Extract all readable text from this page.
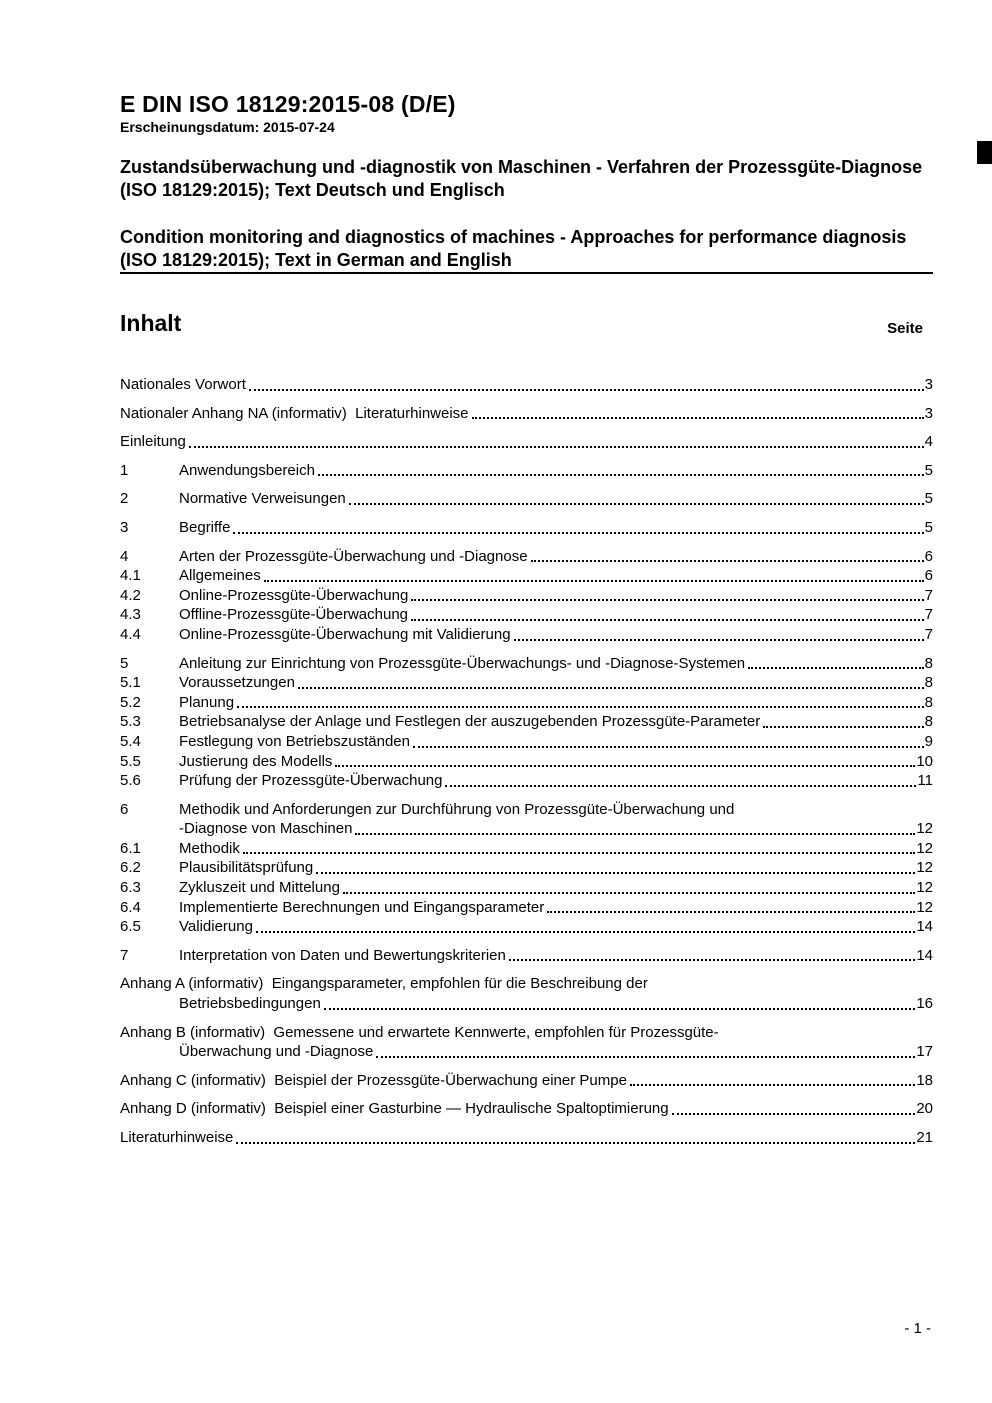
E DIN ISO 18129:2015-08 (D/E)
Erscheinungsdatum: 2015-07-24
Zustandsüberwachung und -diagnostik von Maschinen - Verfahren der Prozessgüte-Diagnose (ISO 18129:2015); Text Deutsch und Englisch
Condition monitoring and diagnostics of machines - Approaches for performance diagnosis (ISO 18129:2015); Text in German and English
Inhalt	Seite
Nationales Vorwort	3
Nationaler Anhang NA (informativ)  Literaturhinweise	3
Einleitung	4
1	Anwendungsbereich	5
2	Normative Verweisungen	5
3	Begriffe	5
4	Arten der Prozessgüte-Überwachung und -Diagnose	6
4.1	Allgemeines	6
4.2	Online-Prozessgüte-Überwachung	7
4.3	Offline-Prozessgüte-Überwachung	7
4.4	Online-Prozessgüte-Überwachung mit Validierung	7
5	Anleitung zur Einrichtung von Prozessgüte-Überwachungs- und -Diagnose-Systemen	8
5.1	Voraussetzungen	8
5.2	Planung	8
5.3	Betriebsanalyse der Anlage und Festlegen der auszugebenden Prozessgüte-Parameter	8
5.4	Festlegung von Betriebszuständen	9
5.5	Justierung des Modells	10
5.6	Prüfung der Prozessgüte-Überwachung	11
6	Methodik und Anforderungen zur Durchführung von Prozessgüte-Überwachung und
-Diagnose von Maschinen	12
6.1	Methodik	12
6.2	Plausibilitätsprüfung	12
6.3	Zykluszeit und Mittelung	12
6.4	Implementierte Berechnungen und Eingangsparameter	12
6.5	Validierung	14
7	Interpretation von Daten und Bewertungskriterien	14
Anhang A (informativ)  Eingangsparameter, empfohlen für die Beschreibung der
Betriebsbedingungen	16
Anhang B (informativ)  Gemessene und erwartete Kennwerte, empfohlen für Prozessgüte-
Überwachung und -Diagnose	17
Anhang C (informativ)  Beispiel der Prozessgüte-Überwachung einer Pumpe	18
Anhang D (informativ)  Beispiel einer Gasturbine — Hydraulische Spaltoptimierung	20
Literaturhinweise	21
- 1 -
